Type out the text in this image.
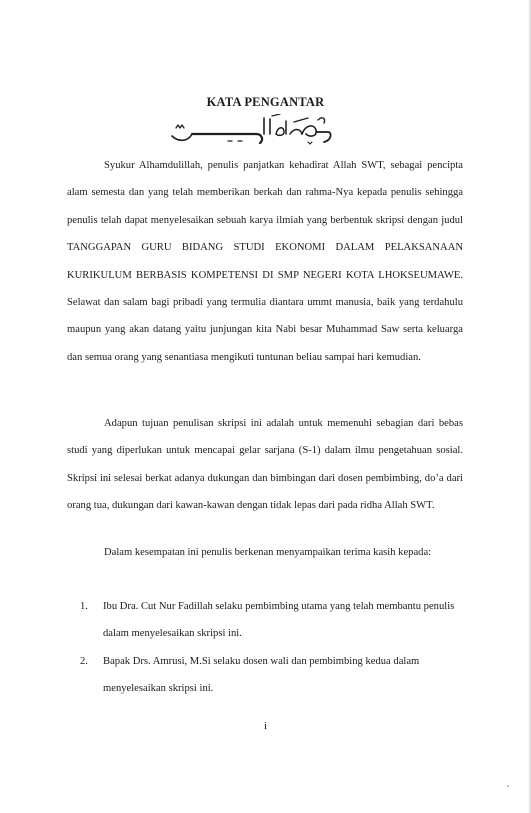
KATA PENGANTAR

Syukur Alhamdulillah, penulis panjatkan kehadirat Allah SWT, sebagai pencipta alam semesta dan yang telah memberikan berkah dan rahma-Nya kepada penulis sehingga penulis telah dapat menyelesaikan sebuah karya ilmiah yang berbentuk skripsi dengan judul TANGGAPAN GURU BIDANG STUDI EKONOMI DALAM PELAKSANAAN KURIKULUM BERBASIS KOMPETENSI DI SMP NEGERI KOTA LHOKSEUMAWE. Selawat dan salam bagi pribadi yang termulia diantara ummt manusia, baik yang terdahulu maupun yang akan datang yaitu junjungan kita Nabi besar Muhammad Saw serta keluarga dan semua orang yang senantiasa mengikuti tuntunan beliau sampai hari kemudian.

Adapun tujuan penulisan skripsi ini adalah untuk memenuhi sebagian dari bebas studi yang diperlukan untuk mencapai gelar sarjana (S-1) dalam ilmu pengetahuan sosial. Skripsi ini selesai berkat adanya dukungan dan bimbingan dari dosen pembimbing, do’a dari orang tua, dukungan dari kawan-kawan dengan tidak lepas dari pada ridha Allah SWT.

Dalam kesempatan ini penulis berkenan menyampaikan terima kasih kepada:

1. Ibu Dra. Cut Nur Fadillah selaku pembimbing utama yang telah membantu penulis dalam menyelesaikan skripsi ini.
2. Bapak Drs. Amrusi, M.Si selaku dosen wali dan pembimbing kedua dalam menyelesaikan skripsi ini.
i
